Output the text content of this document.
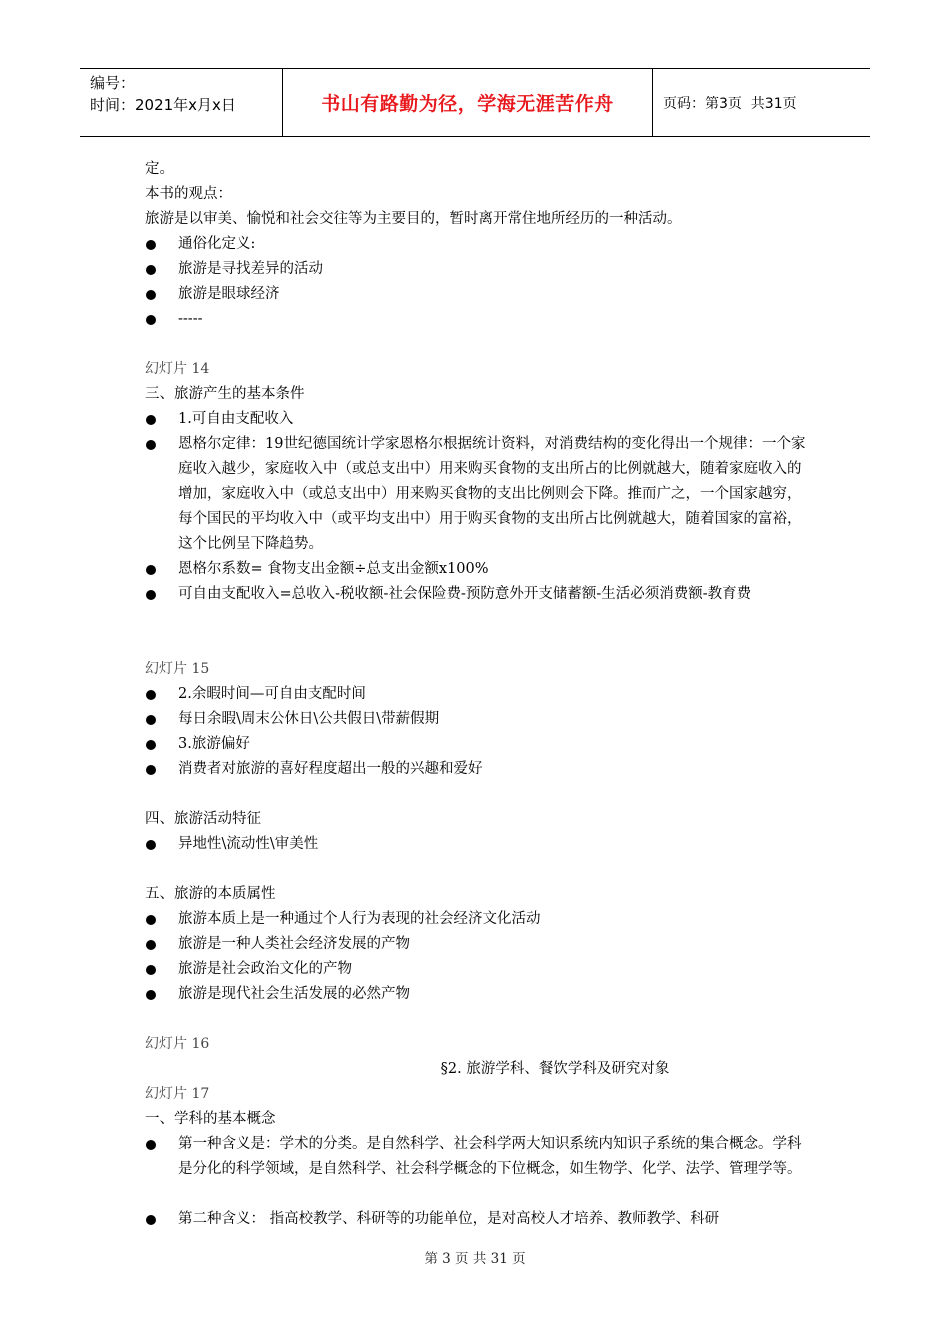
编号：
时间：2021年x月x日	书山有路勤为径，学海无涯苦作舟	页码：第3页  共31页
定。
本书的观点：
旅游是以审美、愉悦和社会交往等为主要目的，暂时离开常住地所经历的一种活动。
通俗化定义:
旅游是寻找差异的活动
旅游是眼球经济
-----
幻灯片 14
三、旅游产生的基本条件
1.可自由支配收入
恩格尔定律：19世纪德国统计学家恩格尔根据统计资料，对消费结构的变化得出一个规律：一个家庭收入越少，家庭收入中（或总支出中）用来购买食物的支出所占的比例就越大，随着家庭收入的增加，家庭收入中（或总支出中）用来购买食物的支出比例则会下降。推而广之，一个国家越穷，每个国民的平均收入中（或平均支出中）用于购买食物的支出所占比例就越大，随着国家的富裕，这个比例呈下降趋势。
恩格尔系数= 食物支出金额÷总支出金额x100%
可自由支配收入=总收入-税收额-社会保险费-预防意外开支储蓄额-生活必须消费额-教育费
幻灯片 15
2.余暇时间—可自由支配时间
每日余暇\周末公休日\公共假日\带薪假期
3.旅游偏好
消费者对旅游的喜好程度超出一般的兴趣和爱好
四、旅游活动特征
异地性\流动性\审美性
五、旅游的本质属性
旅游本质上是一种通过个人行为表现的社会经济文化活动
旅游是一种人类社会经济发展的产物
旅游是社会政治文化的产物
旅游是现代社会生活发展的必然产物
幻灯片 16
§2. 旅游学科、餐饮学科及研究对象
幻灯片 17
一、学科的基本概念
第一种含义是：学术的分类。是自然科学、社会科学两大知识系统内知识子系统的集合概念。学科是分化的科学领域，是自然科学、社会科学概念的下位概念，如生物学、化学、法学、管理学等。
第二种含义： 指高校教学、科研等的功能单位，是对高校人才培养、教师教学、科研
第 3 页 共 31 页
